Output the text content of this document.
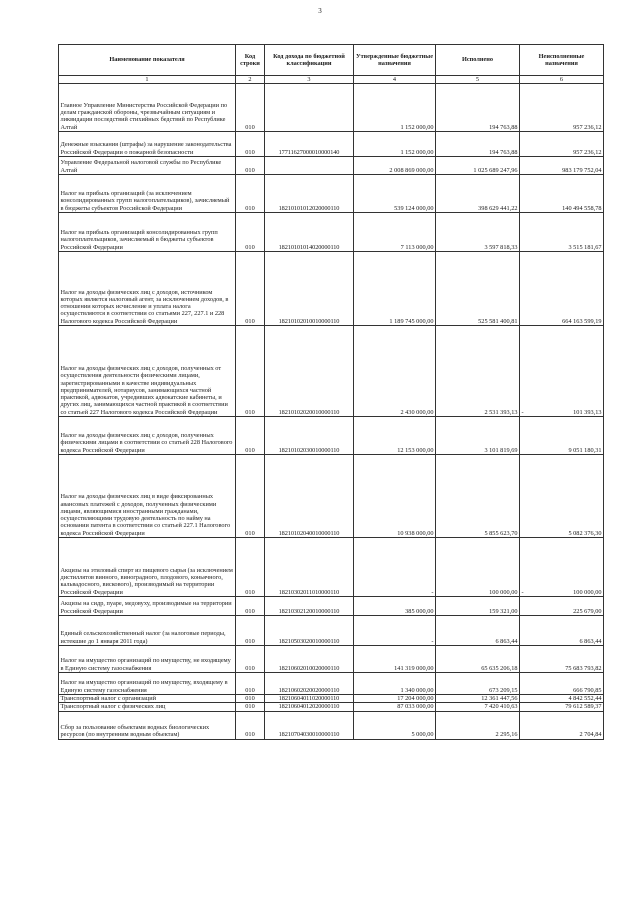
3
Наименование показателя	Код строки	Код дохода по бюджетной классификации	Утвержденные бюджетные назначения	Исполнено	Неисполненные назначения
1	2	3	4	5	6
Главное Управление Министерства Российской Федерации по делам гражданской обороны, чрезвычайным ситуациям и ликвидации последствий стихийных бедствий по Республике Алтай	010		1 152 000,00	194 763,88	957 236,12
Денежные взыскания (штрафы) за нарушение законодательства Российской Федерации о пожарной безопасности	010	17711627000010000140	1 152 000,00	194 763,88	957 236,12
Управление Федеральной налоговой службы по Республике Алтай	010		2 008 869 000,00	1 025 689 247,96	983 179 752,04
Налог на прибыль организаций (за исключением консолидированных групп налогоплательщиков), зачисляемый в бюджеты субъектов Российской Федерации	010	18210101012020000110	539 124 000,00	398 629 441,22	140 494 558,78
Налог на прибыль организаций консолидированных групп налогоплательщиков, зачисляемый в бюджеты субъектов Российской Федерации	010	18210101014020000110	7 113 000,00	3 597 818,33	3 515 181,67
Налог на доходы физических лиц с доходов, источником которых является налоговый агент, за исключением доходов, в отношении которых исчисление и уплата налога осуществляются в соответствии со статьями 227, 227.1 и 228 Налогового кодекса Российской Федерации	010	18210102010010000110	1 189 745 000,00	525 581 400,81	664 163 599,19
Налог на доходы физических лиц с доходов, полученных от осуществления деятельности физическими лицами, зарегистрированными в качестве индивидуальных предпринимателей, нотариусов, занимающихся частной практикой, адвокатов, учредивших адвокатские кабинеты, и других лиц, занимающихся частной практикой в соответствии со статьей 227 Налогового кодекса Российской Федерации	010	18210102020010000110	2 430 000,00	2 531 393,13	- 101 393,13
Налог на доходы физических лиц с доходов, полученных физическими лицами в соответствии со статьей 228 Налогового кодекса Российской Федерации	010	18210102030010000110	12 153 000,00	3 101 819,69	9 051 180,31
Налог на доходы физических лиц в виде фиксированных авансовых платежей с доходов, полученных физическими лицами, являющимися иностранными гражданами, осуществляющими трудовую деятельность по найму на основании патента в соответствии со статьей 227.1 Налогового кодекса Российской Федерации	010	18210102040010000110	10 938 000,00	5 855 623,70	5 082 376,30
Акцизы на этиловый спирт из пищевого сырья (за исключением дистиллятов винного, виноградного, плодового, коньячного, кальвадосного, вискового), производимый на территории Российской Федерации	010	18210302011010000110	-	100 000,00	- 100 000,00
Акцизы на сидр, пуаре, медовуху, производимые на территории Российской Федерации	010	18210302120010000110	385 000,00	159 321,00	225 679,00
Единый сельскохозяйственный налог (за налоговые периоды, истекшие до 1 января 2011 года)	010	18210503020010000110	-	6 863,44	6 863,44
Налог на имущество организаций по имуществу, не входящему в Единую систему газоснабжения	010	18210602010020000110	141 319 000,00	65 635 206,18	75 683 793,82
Налог на имущество организаций по имуществу, входящему в Единую систему газоснабжения	010	18210602020020000110	1 340 000,00	673 209,15	666 790,85
Транспортный налог с организаций	010	18210604011020000110	17 204 000,00	12 361 447,56	4 842 552,44
Транспортный налог с физических лиц	010	18210604012020000110	87 033 000,00	7 420 410,63	79 612 589,37
Сбор за пользование объектами водных биологических ресурсов (по внутренним водным объектам)	010	18210704030010000110	5 000,00	2 295,16	2 704,84
